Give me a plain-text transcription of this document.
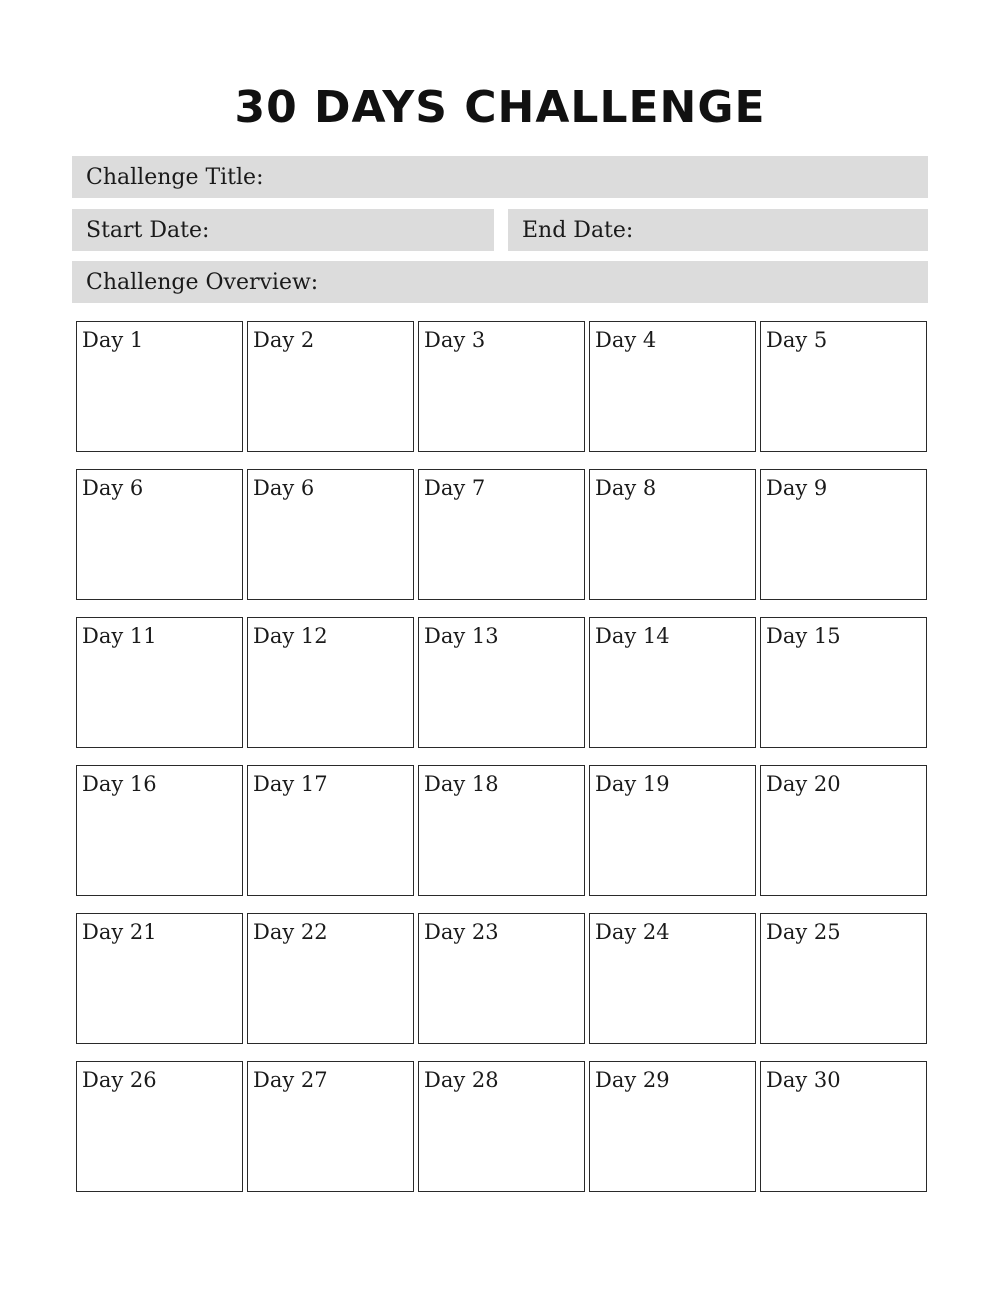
30 DAYS CHALLENGE
Challenge Title:
Start Date:	End Date:
Challenge Overview:
Day 1	Day 2	Day 3	Day 4	Day 5
Day 6	Day 6	Day 7	Day 8	Day 9
Day 11	Day 12	Day 13	Day 14	Day 15
Day 16	Day 17	Day 18	Day 19	Day 20
Day 21	Day 22	Day 23	Day 24	Day 25
Day 26	Day 27	Day 28	Day 29	Day 30
